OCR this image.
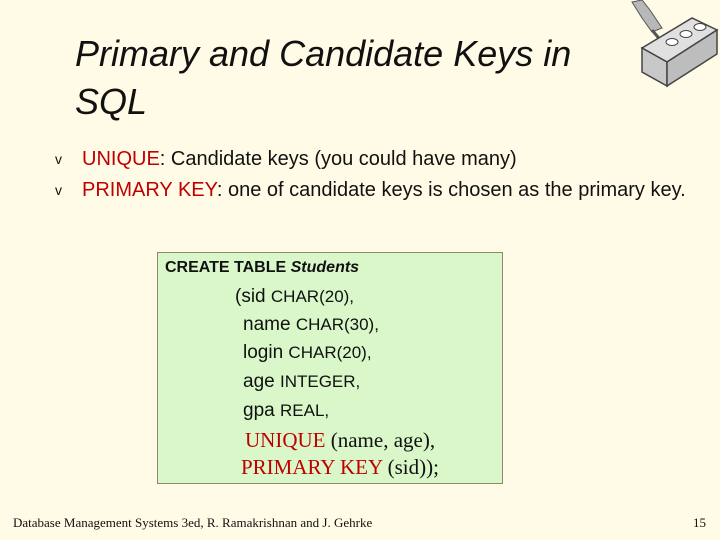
Primary and Candidate Keys in SQL
v UNIQUE: Candidate keys (you could have many)
v PRIMARY KEY: one of candidate keys is chosen as the primary key.
CREATE TABLE Students
(sid CHAR(20),
name CHAR(30),
login CHAR(20),
age INTEGER,
gpa REAL,
UNIQUE (name, age),
PRIMARY KEY (sid));
Database Management Systems 3ed, R. Ramakrishnan and J. Gehrke	15
